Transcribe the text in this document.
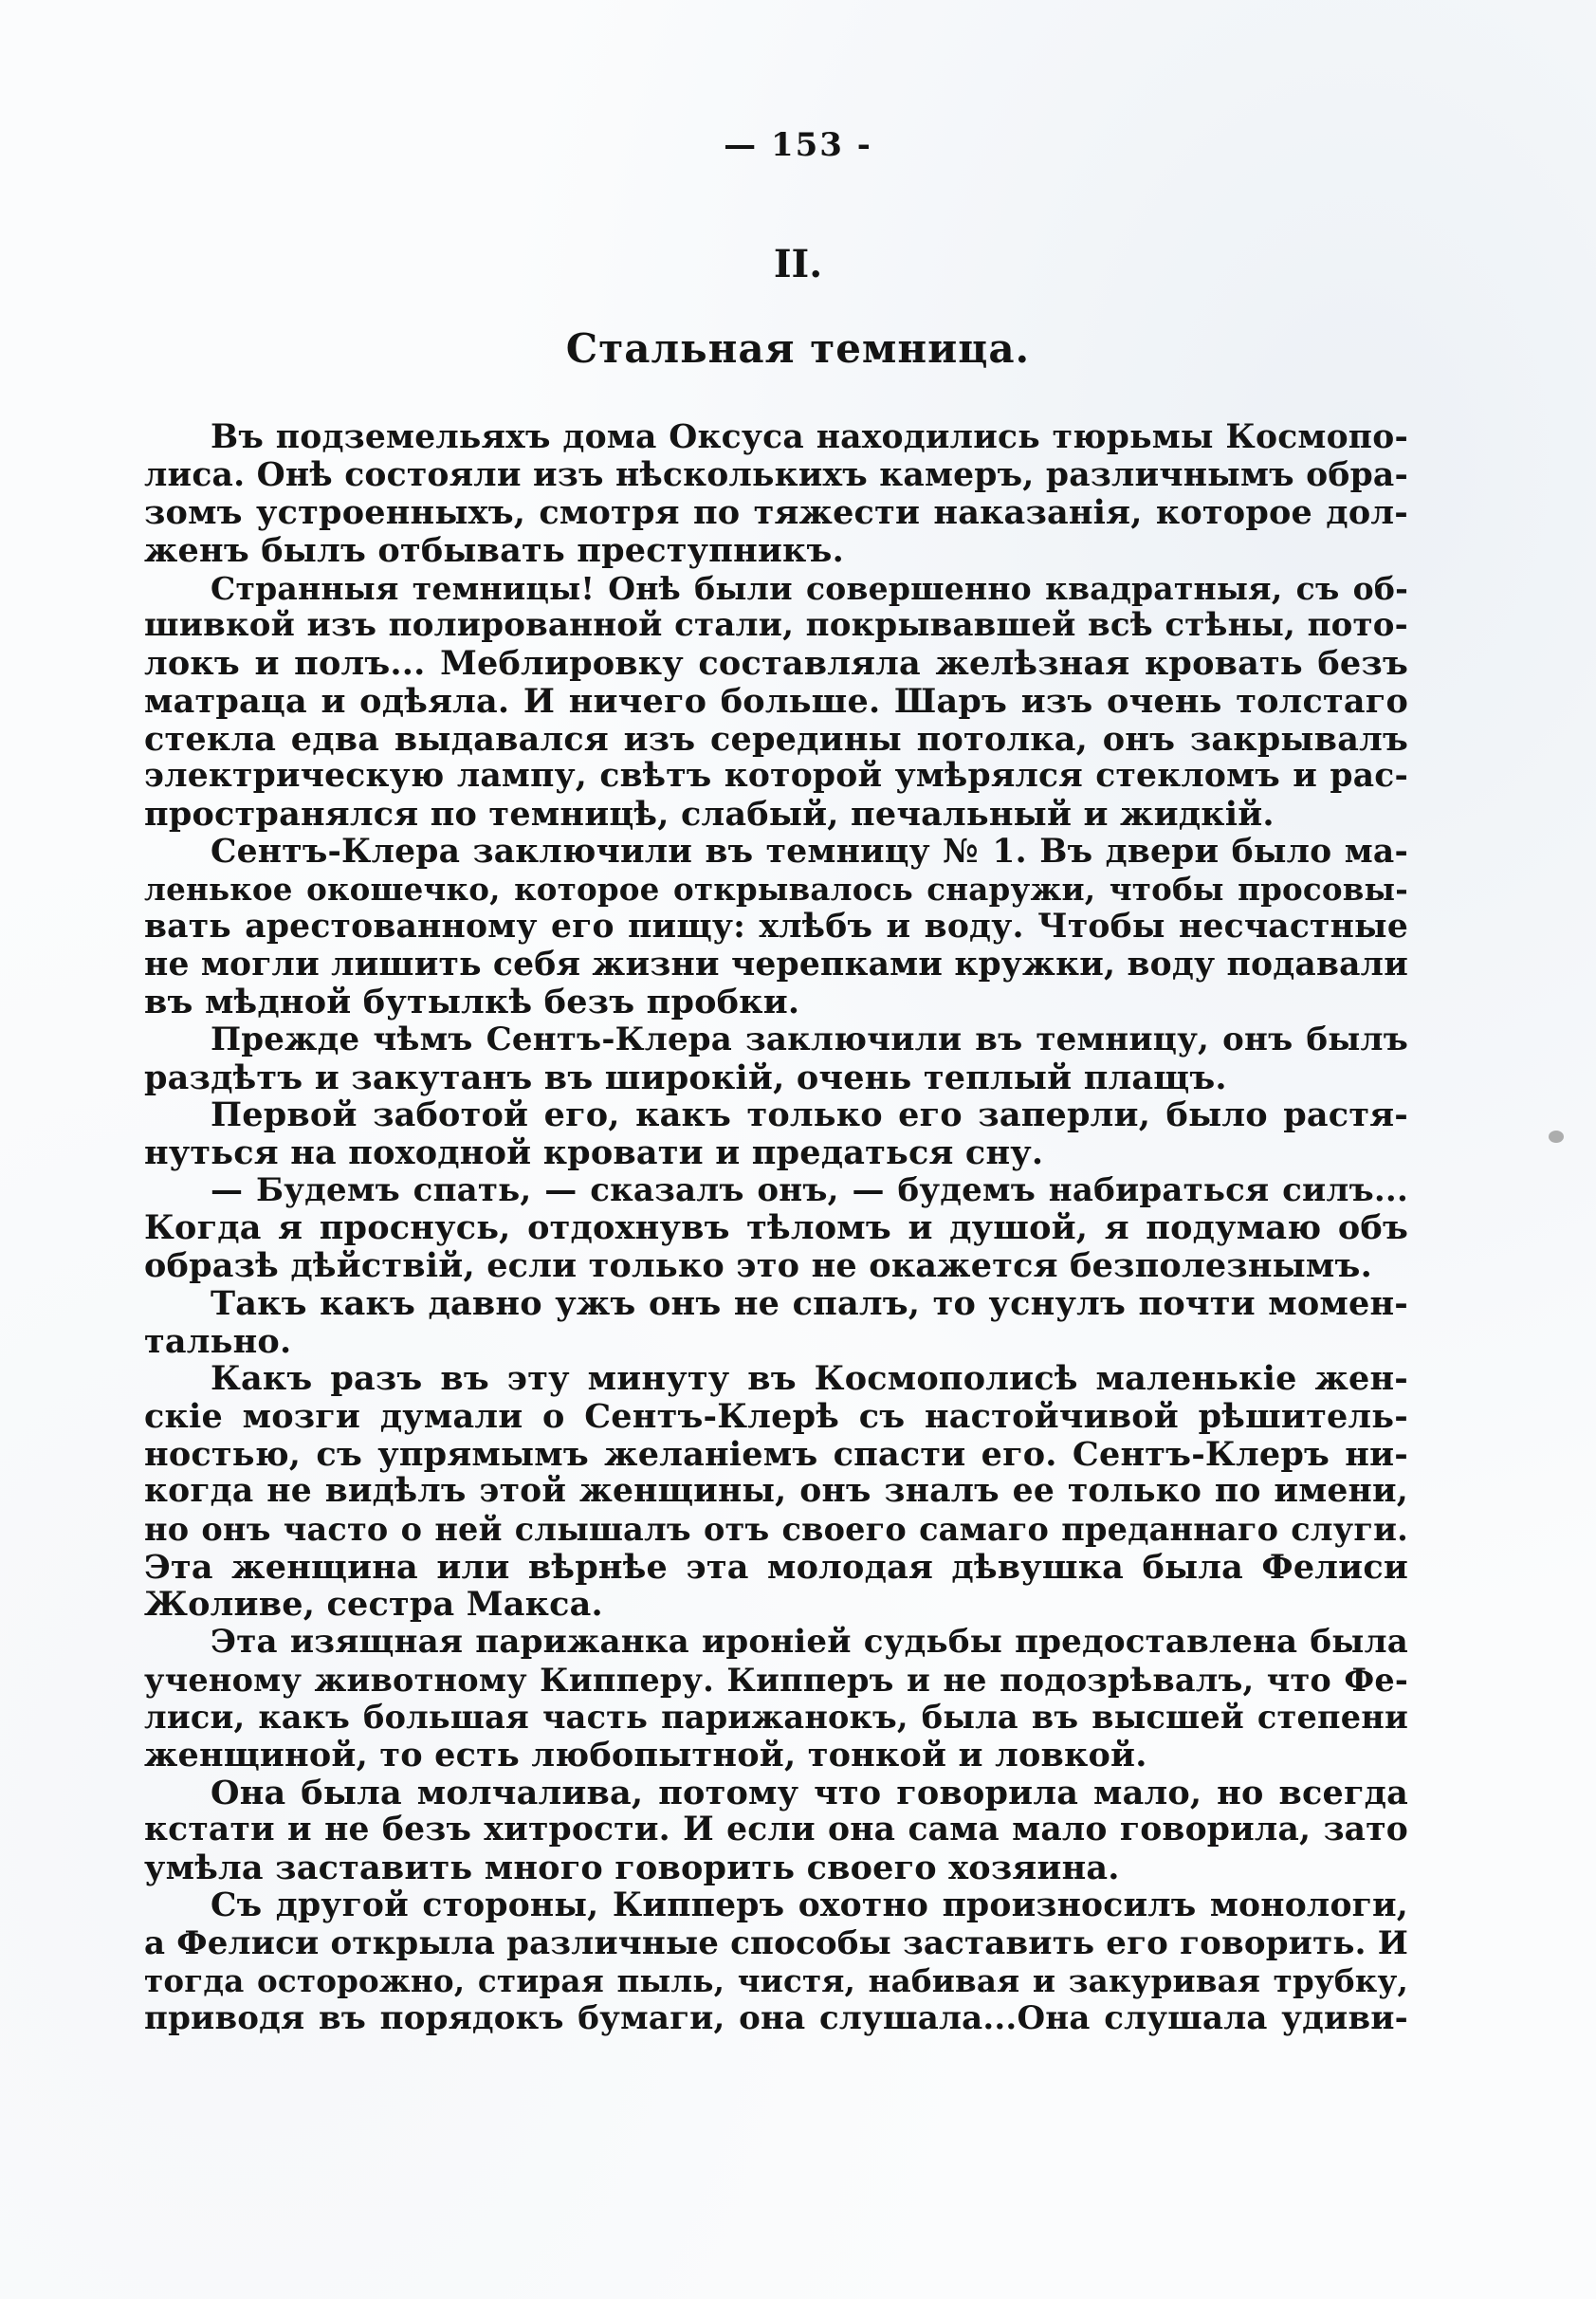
— 153 -
II.
Стальная темница.
Въ подземельяхъ дома Оксуса находились тюрьмы Космопо-
лиса. Онѣ состояли изъ нѣсколькихъ камеръ, различнымъ обра-
зомъ устроенныхъ, смотря по тяжести наказанія, которое дол-
женъ былъ отбывать преступникъ.
Странныя темницы! Онѣ были совершенно квадратныя, съ об-
шивкой изъ полированной стали, покрывавшей всѣ стѣны, пото-
локъ и полъ... Меблировку составляла желѣзная кровать безъ
матраца и одѣяла. И ничего больше. Шаръ изъ очень толстаго
стекла едва выдавался изъ середины потолка, онъ закрывалъ
электрическую лампу, свѣтъ которой умѣрялся стекломъ и рас-
пространялся по темницѣ, слабый, печальный и жидкій.
Сентъ-Клера заключили въ темницу № 1. Въ двери было ма-
ленькое окошечко, которое открывалось снаружи, чтобы просовы-
вать арестованному его пищу: хлѣбъ и воду. Чтобы несчастные
не могли лишить себя жизни черепками кружки, воду подавали
въ мѣдной бутылкѣ безъ пробки.
Прежде чѣмъ Сентъ-Клера заключили въ темницу, онъ былъ
раздѣтъ и закутанъ въ широкій, очень теплый плащъ.
Первой заботой его, какъ только его заперли, было растя-
нуться на походной кровати и предаться сну.
— Будемъ спать, — сказалъ онъ, — будемъ набираться силъ...
Когда я проснусь, отдохнувъ тѣломъ и душой, я подумаю объ
образѣ дѣйствій, если только это не окажется безполезнымъ.
Такъ какъ давно ужъ онъ не спалъ, то уснулъ почти момен-
тально.
Какъ разъ въ эту минуту въ Космополисѣ маленькіе жен-
скіе мозги думали о Сентъ-Клерѣ съ настойчивой рѣшитель-
ностью, съ упрямымъ желаніемъ спасти его. Сентъ-Клеръ ни-
когда не видѣлъ этой женщины, онъ зналъ ее только по имени,
но онъ часто о ней слышалъ отъ своего самаго преданнаго слуги.
Эта женщина или вѣрнѣе эта молодая дѣвушка была Фелиси
Жоливе, сестра Макса.
Эта изящная парижанка ироніей судьбы предоставлена была
ученому животному Кипперу. Кипперъ и не подозрѣвалъ, что Фе-
лиси, какъ большая часть парижанокъ, была въ высшей степени
женщиной, то есть любопытной, тонкой и ловкой.
Она была молчалива, потому что говорила мало, но всегда
кстати и не безъ хитрости. И если она сама мало говорила, зато
умѣла заставить много говорить своего хозяина.
Съ другой стороны, Кипперъ охотно произносилъ монологи,
а Фелиси открыла различные способы заставить его говорить. И
тогда осторожно, стирая пыль, чистя, набивая и закуривая трубку,
приводя въ порядокъ бумаги, она слушала...Она слушала удиви-
